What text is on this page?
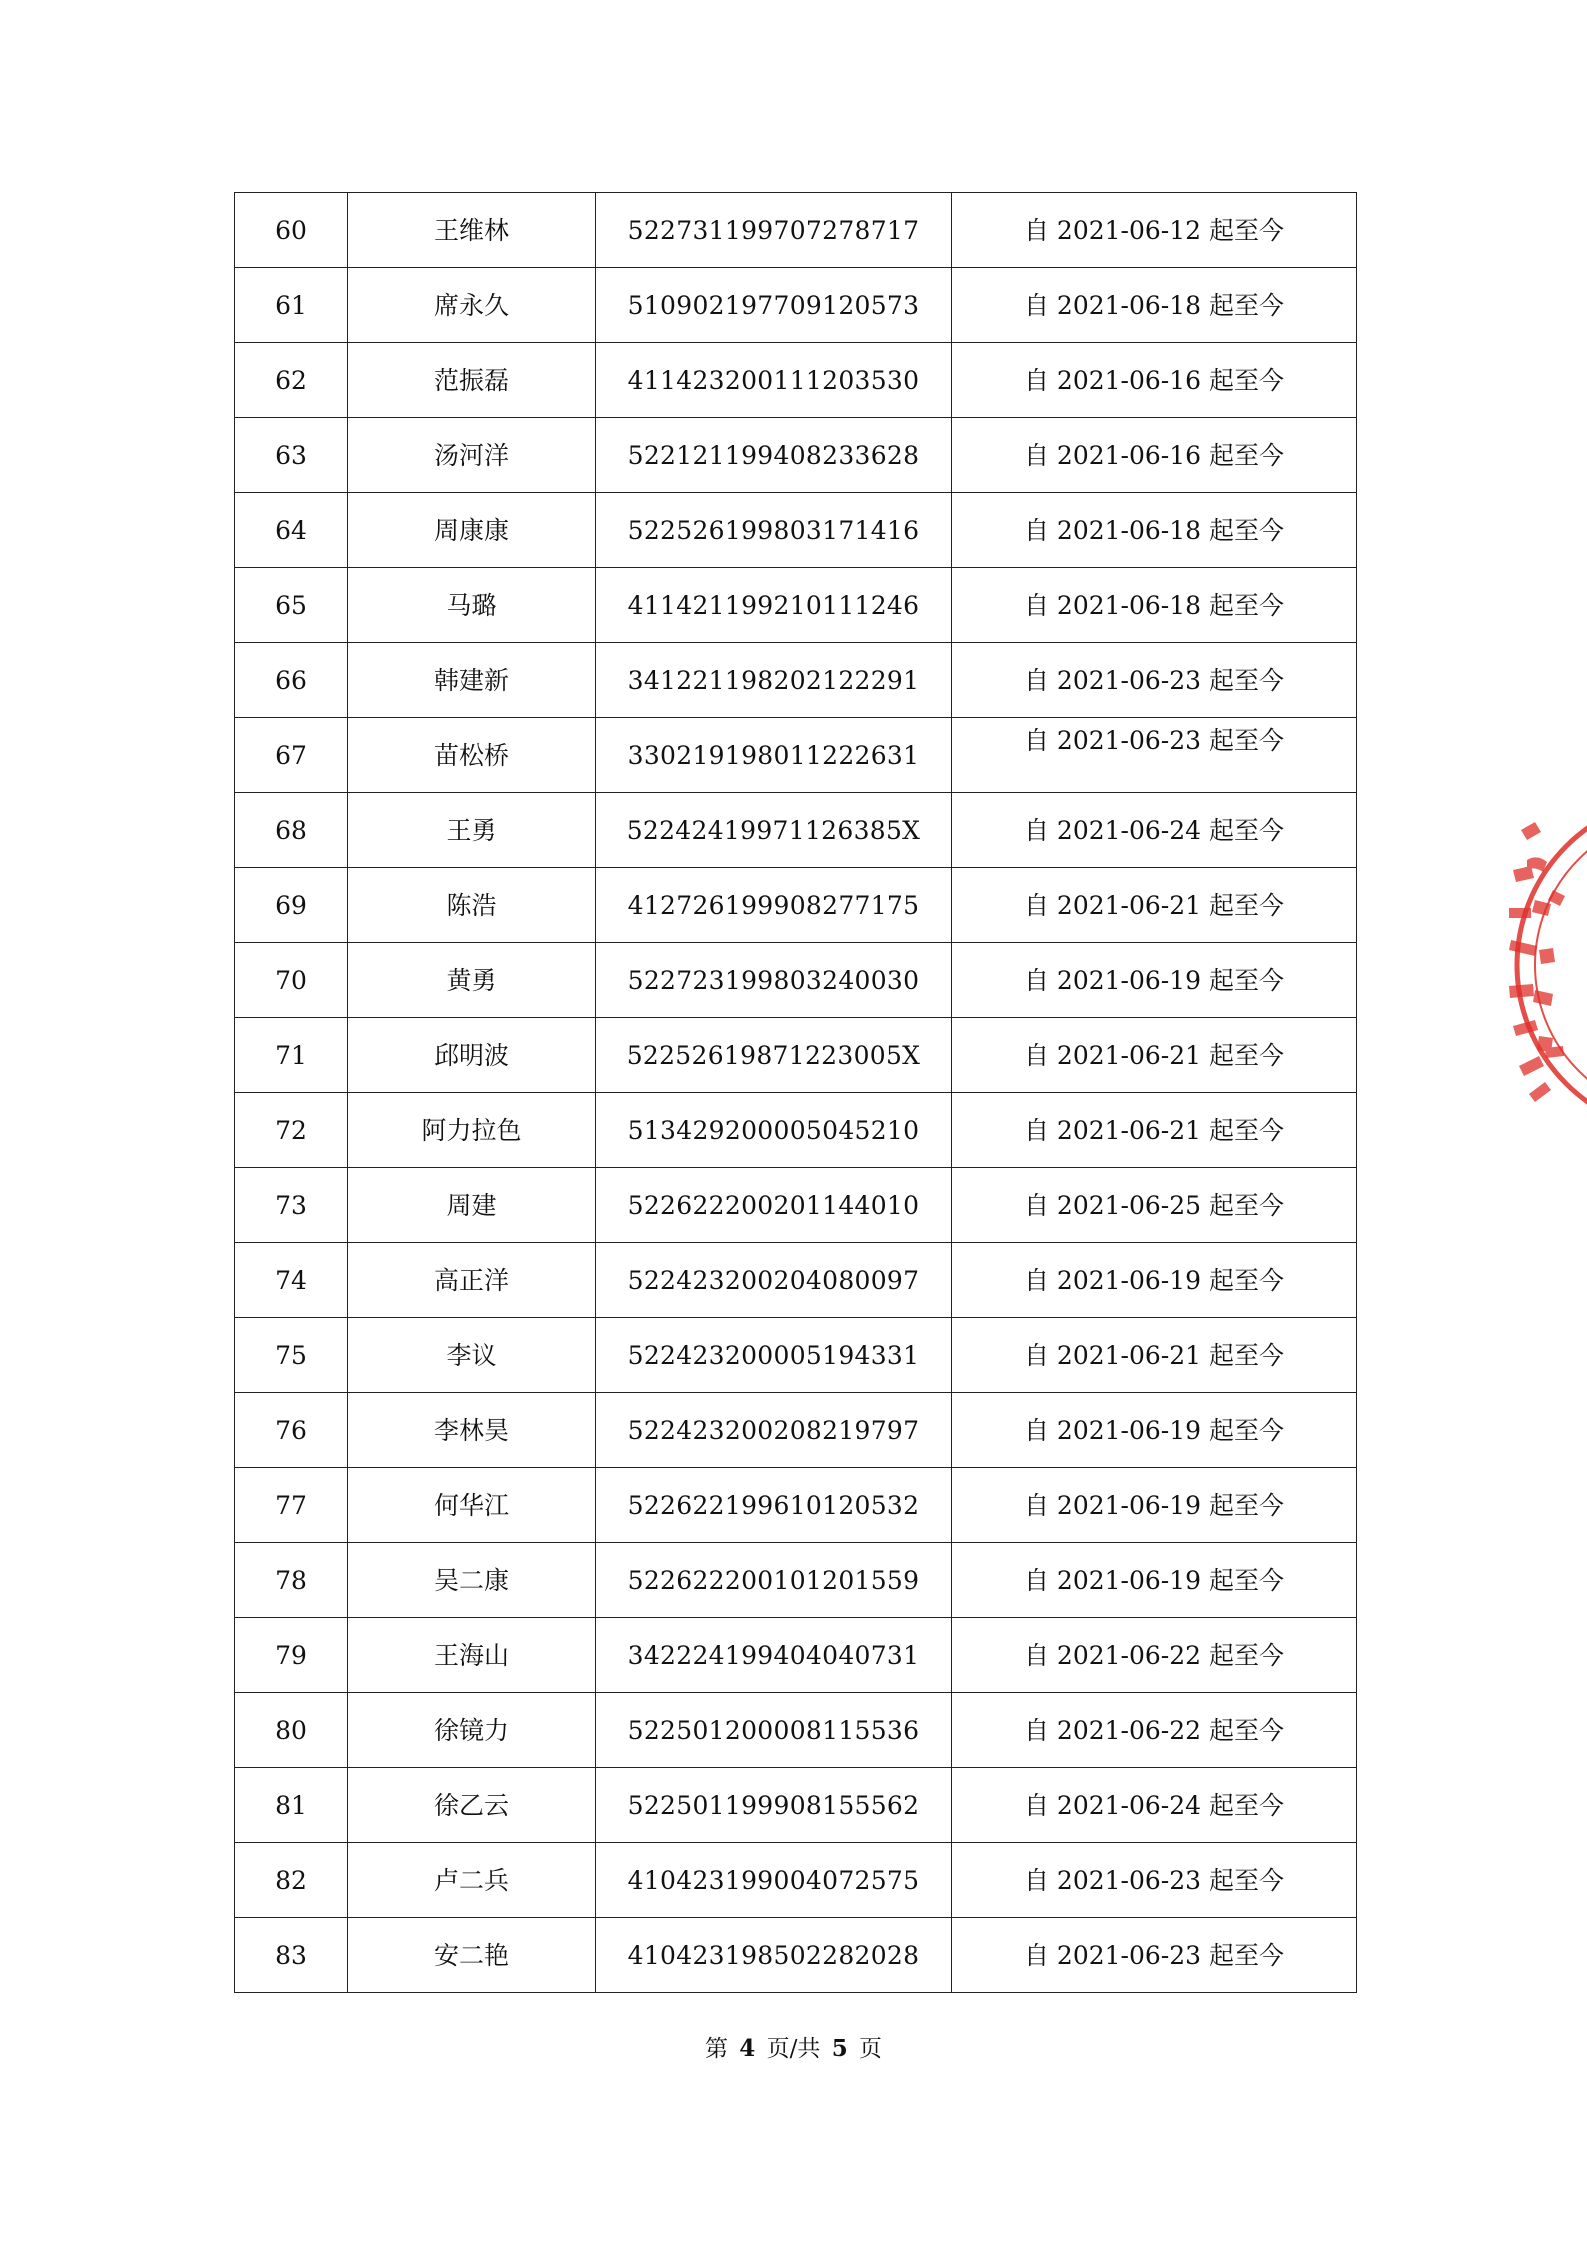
60	王维林	522731199707278717	自 2021-06-12 起至今
61	席永久	510902197709120573	自 2021-06-18 起至今
62	范振磊	411423200111203530	自 2021-06-16 起至今
63	汤河洋	522121199408233628	自 2021-06-16 起至今
64	周康康	522526199803171416	自 2021-06-18 起至今
65	马璐	411421199210111246	自 2021-06-18 起至今
66	韩建新	341221198202122291	自 2021-06-23 起至今
67	苗松桥	330219198011222631	自 2021-06-23 起至今
68	王勇	52242419971126385X	自 2021-06-24 起至今
69	陈浩	412726199908277175	自 2021-06-21 起至今
70	黄勇	522723199803240030	自 2021-06-19 起至今
71	邱明波	52252619871223005X	自 2021-06-21 起至今
72	阿力拉色	513429200005045210	自 2021-06-21 起至今
73	周建	522622200201144010	自 2021-06-25 起至今
74	高正洋	522423200204080097	自 2021-06-19 起至今
75	李议	522423200005194331	自 2021-06-21 起至今
76	李林昊	522423200208219797	自 2021-06-19 起至今
77	何华江	522622199610120532	自 2021-06-19 起至今
78	吴二康	522622200101201559	自 2021-06-19 起至今
79	王海山	342224199404040731	自 2021-06-22 起至今
80	徐镜力	522501200008115536	自 2021-06-22 起至今
81	徐乙云	522501199908155562	自 2021-06-24 起至今
82	卢二兵	410423199004072575	自 2021-06-23 起至今
83	安二艳	410423198502282028	自 2021-06-23 起至今
第 4 页/共 5 页
